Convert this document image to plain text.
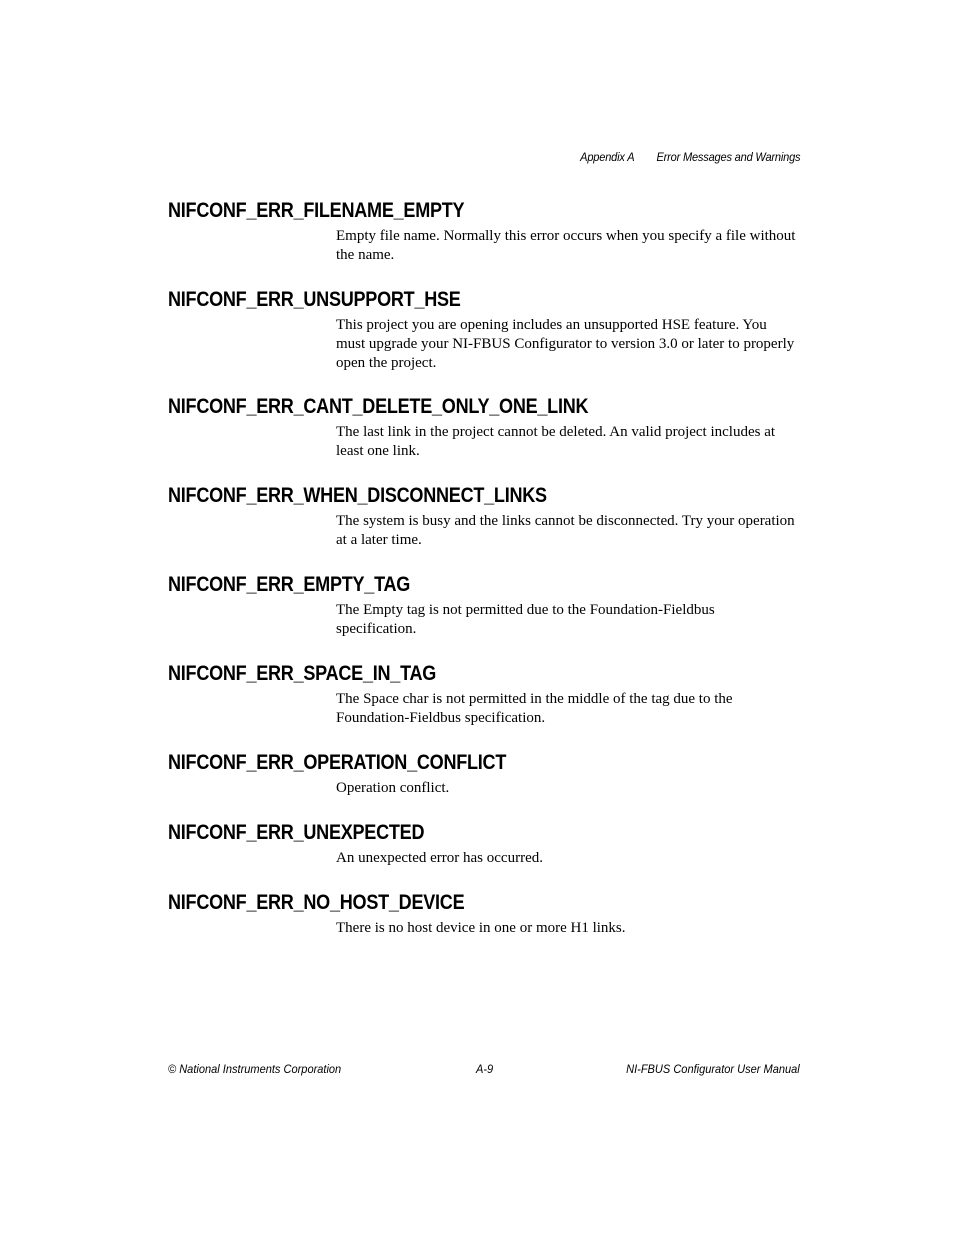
Appendix A Error Messages and Warnings
NIFCONF_ERR_FILENAME_EMPTY

Empty file name. Normally this error occurs when you specify a file without the name.

NIFCONF_ERR_UNSUPPORT_HSE

This project you are opening includes an unsupported HSE feature. You must upgrade your NI-FBUS Configurator to version 3.0 or later to properly open the project.

NIFCONF_ERR_CANT_DELETE_ONLY_ONE_LINK

The last link in the project cannot be deleted. An valid project includes at least one link.

NIFCONF_ERR_WHEN_DISCONNECT_LINKS

The system is busy and the links cannot be disconnected. Try your operation at a later time.

NIFCONF_ERR_EMPTY_TAG

The Empty tag is not permitted due to the Foundation-Fieldbus specification.

NIFCONF_ERR_SPACE_IN_TAG

The Space char is not permitted in the middle of the tag due to the Foundation-Fieldbus specification.

NIFCONF_ERR_OPERATION_CONFLICT

Operation conflict.

NIFCONF_ERR_UNEXPECTED

An unexpected error has occurred.

NIFCONF_ERR_NO_HOST_DEVICE

There is no host device in one or more H1 links.

© National Instruments Corporation	A-9	NI-FBUS Configurator User Manual
